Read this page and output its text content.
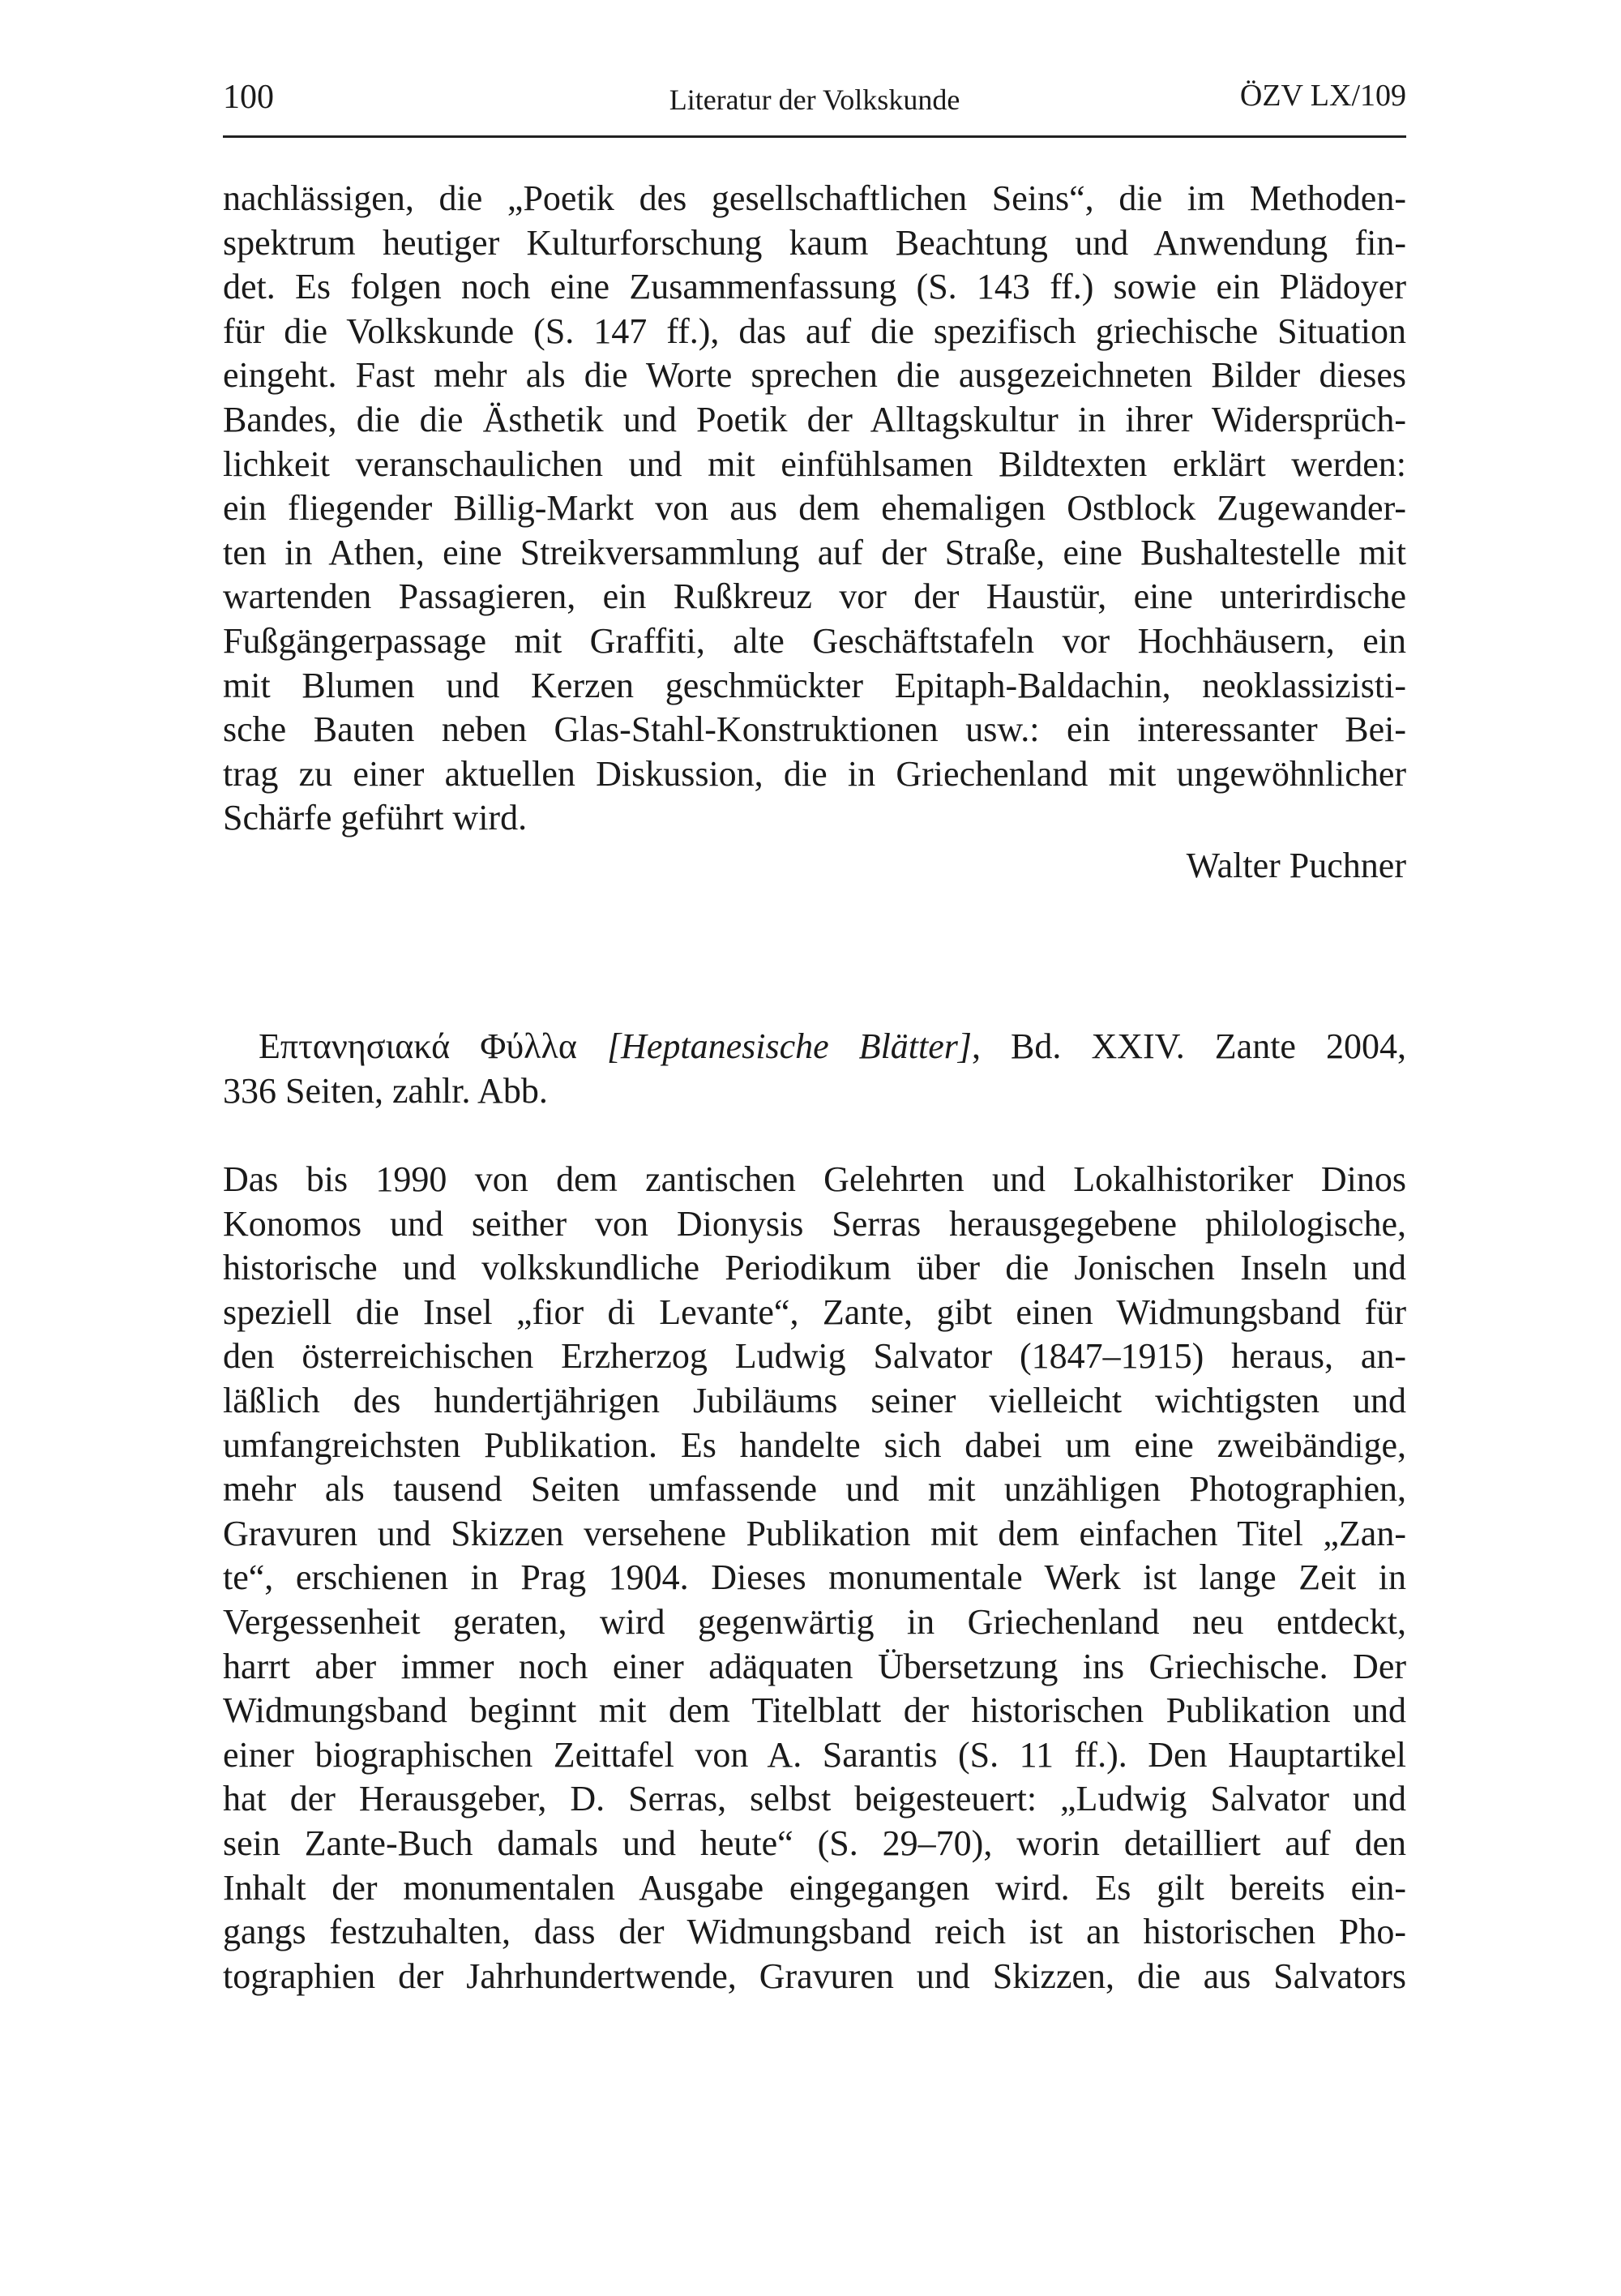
100	Literatur der Volkskunde	ÖZV LX/109
nachlässigen, die „Poetik des gesellschaftlichen Seins“, die im Methoden-
spektrum heutiger Kulturforschung kaum Beachtung und Anwendung fin-
det. Es folgen noch eine Zusammenfassung (S. 143 ff.) sowie ein Plädoyer
für die Volkskunde (S. 147 ff.), das auf die spezifisch griechische Situation
eingeht. Fast mehr als die Worte sprechen die ausgezeichneten Bilder dieses
Bandes, die die Ästhetik und Poetik der Alltagskultur in ihrer Widersprüch-
lichkeit veranschaulichen und mit einfühlsamen Bildtexten erklärt werden:
ein fliegender Billig-Markt von aus dem ehemaligen Ostblock Zugewander-
ten in Athen, eine Streikversammlung auf der Straße, eine Bushaltestelle mit
wartenden Passagieren, ein Rußkreuz vor der Haustür, eine unterirdische
Fußgängerpassage mit Graffiti, alte Geschäftstafeln vor Hochhäusern, ein
mit Blumen und Kerzen geschmückter Epitaph-Baldachin, neoklassizisti-
sche Bauten neben Glas-Stahl-Konstruktionen usw.: ein interessanter Bei-
trag zu einer aktuellen Diskussion, die in Griechenland mit ungewöhnlicher
Schärfe geführt wird.
Walter Puchner
Επτανησιακά Φύλλα [Heptanesische Blätter], Bd. XXIV. Zante 2004,
336 Seiten, zahlr. Abb.
Das bis 1990 von dem zantischen Gelehrten und Lokalhistoriker Dinos
Konomos und seither von Dionysis Serras herausgegebene philologische,
historische und volkskundliche Periodikum über die Jonischen Inseln und
speziell die Insel „fior di Levante“, Zante, gibt einen Widmungsband für
den österreichischen Erzherzog Ludwig Salvator (1847–1915) heraus, an-
läßlich des hundertjährigen Jubiläums seiner vielleicht wichtigsten und
umfangreichsten Publikation. Es handelte sich dabei um eine zweibändige,
mehr als tausend Seiten umfassende und mit unzähligen Photographien,
Gravuren und Skizzen versehene Publikation mit dem einfachen Titel „Zan-
te“, erschienen in Prag 1904. Dieses monumentale Werk ist lange Zeit in
Vergessenheit geraten, wird gegenwärtig in Griechenland neu entdeckt,
harrt aber immer noch einer adäquaten Übersetzung ins Griechische. Der
Widmungsband beginnt mit dem Titelblatt der historischen Publikation und
einer biographischen Zeittafel von A. Sarantis (S. 11 ff.). Den Hauptartikel
hat der Herausgeber, D. Serras, selbst beigesteuert: „Ludwig Salvator und
sein Zante-Buch damals und heute“ (S. 29–70), worin detailliert auf den
Inhalt der monumentalen Ausgabe eingegangen wird. Es gilt bereits ein-
gangs festzuhalten, dass der Widmungsband reich ist an historischen Pho-
tographien der Jahrhundertwende, Gravuren und Skizzen, die aus Salvators
